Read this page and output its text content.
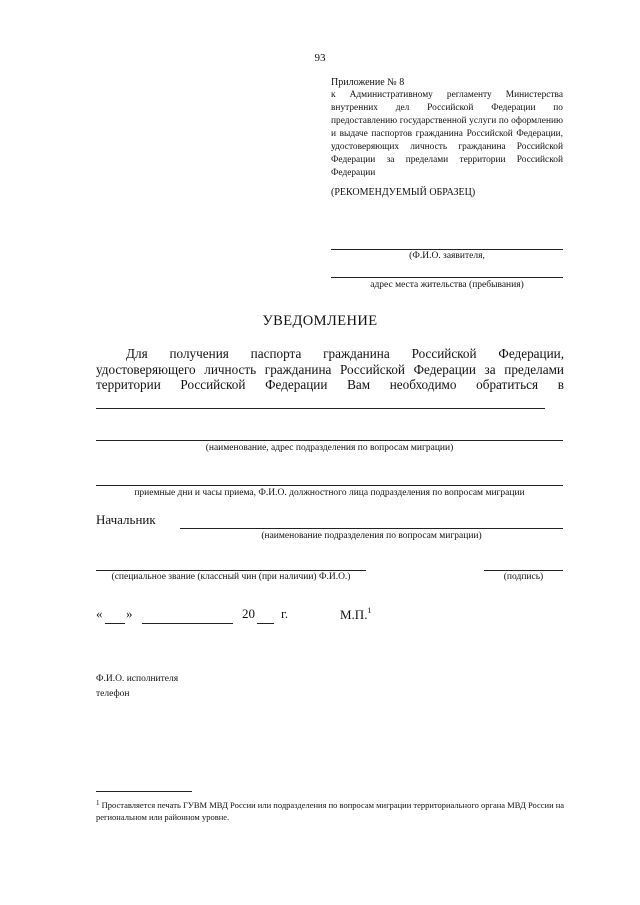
93
Приложение № 8
к Административному регламенту Министерства внутренних дел Российской Федерации по предоставлению государственной услуги по оформлению и выдаче паспортов гражданина Российской Федерации, удостоверяющих личность гражданина Российской Федерации за пределами территории Российской Федерации
(РЕКОМЕНДУЕМЫЙ ОБРАЗЕЦ)
(Ф.И.О. заявителя,
адрес места жительства (пребывания)
УВЕДОМЛЕНИЕ
Для получения паспорта гражданина Российской Федерации,
удостоверяющего личность гражданина Российской Федерации за пределами
территории Российской Федерации Вам необходимо обратиться в
(наименование, адрес подразделения по вопросам миграции)
приемные дни и часы приема, Ф.И.О. должностного лица подразделения по вопросам миграции
Начальник
(наименование подразделения по вопросам миграции)
(специальное звание (классный чин (при наличии) Ф.И.О.)	(подпись)
« »	20 г.	М.П.$^1$
Ф.И.О. исполнителя
телефон
$^1$ Проставляется печать ГУВМ МВД России или подразделения по вопросам миграции территориального органа МВД России на региональном или районном уровне.
